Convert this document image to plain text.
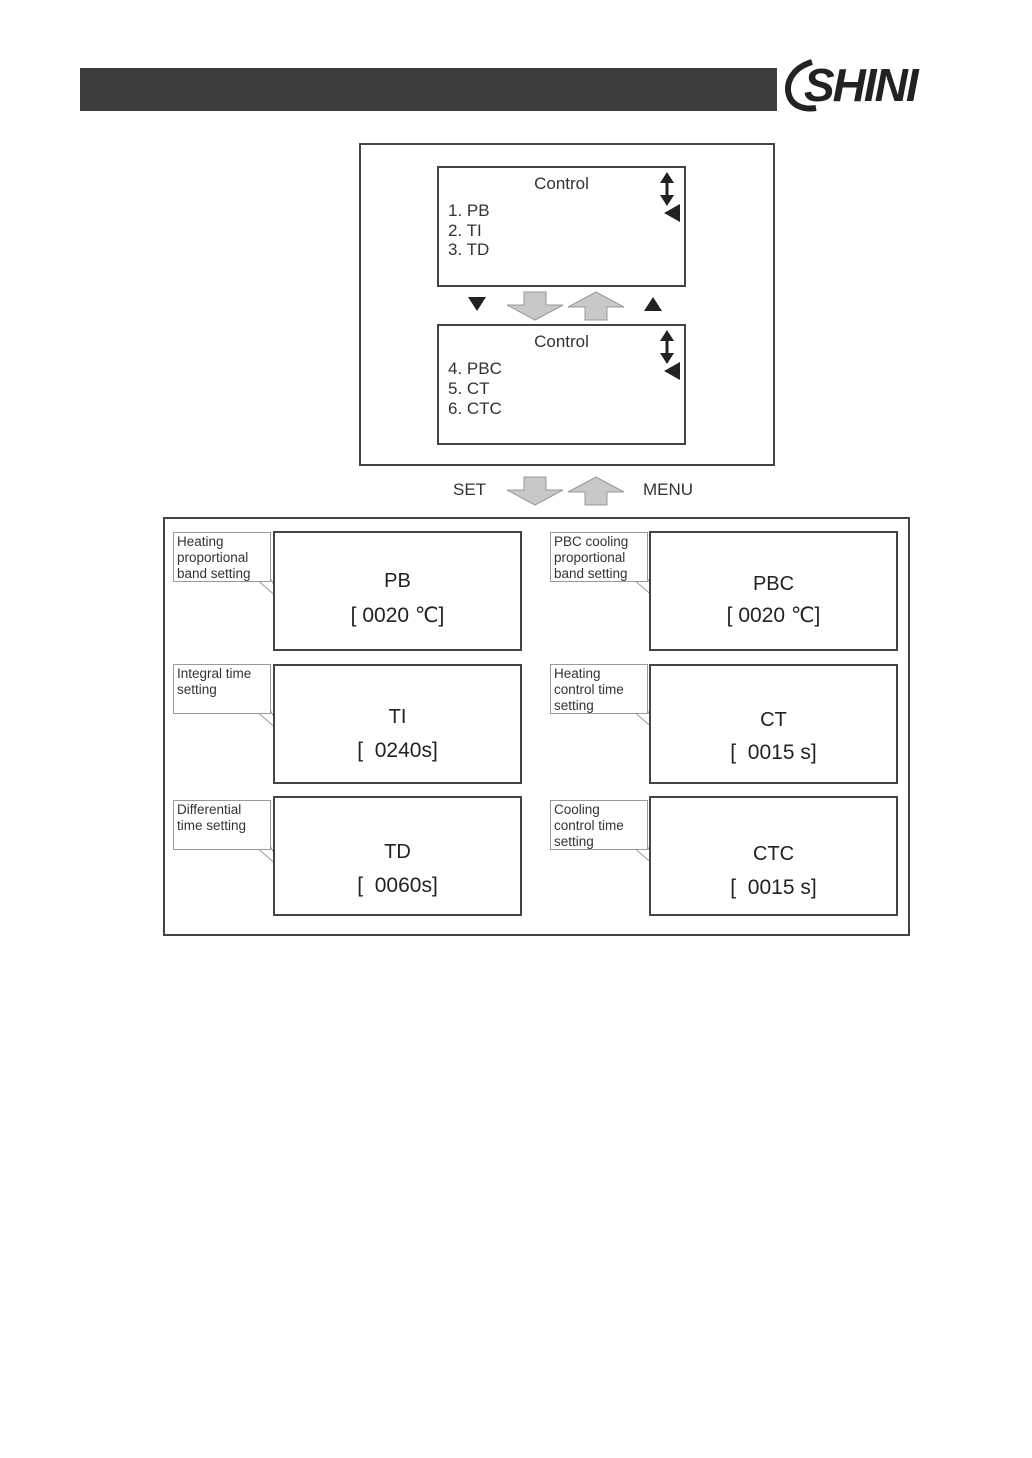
SHINI
Control
1. PB
2. TI
3. TD
Control
4. PBC
5. CT
6. CTC
SET	MENU
Heating
proportional
band setting	PB
[ 0020 ℃]
PBC cooling
proportional
band setting	PBC
[ 0020 ℃]
Integral time
setting
TI
[  0240s]
Heating
control time
setting
CT
[  0015 s]
Differential
time setting
TD
[  0060s]
Cooling
control time
setting
CTC
[  0015 s]
